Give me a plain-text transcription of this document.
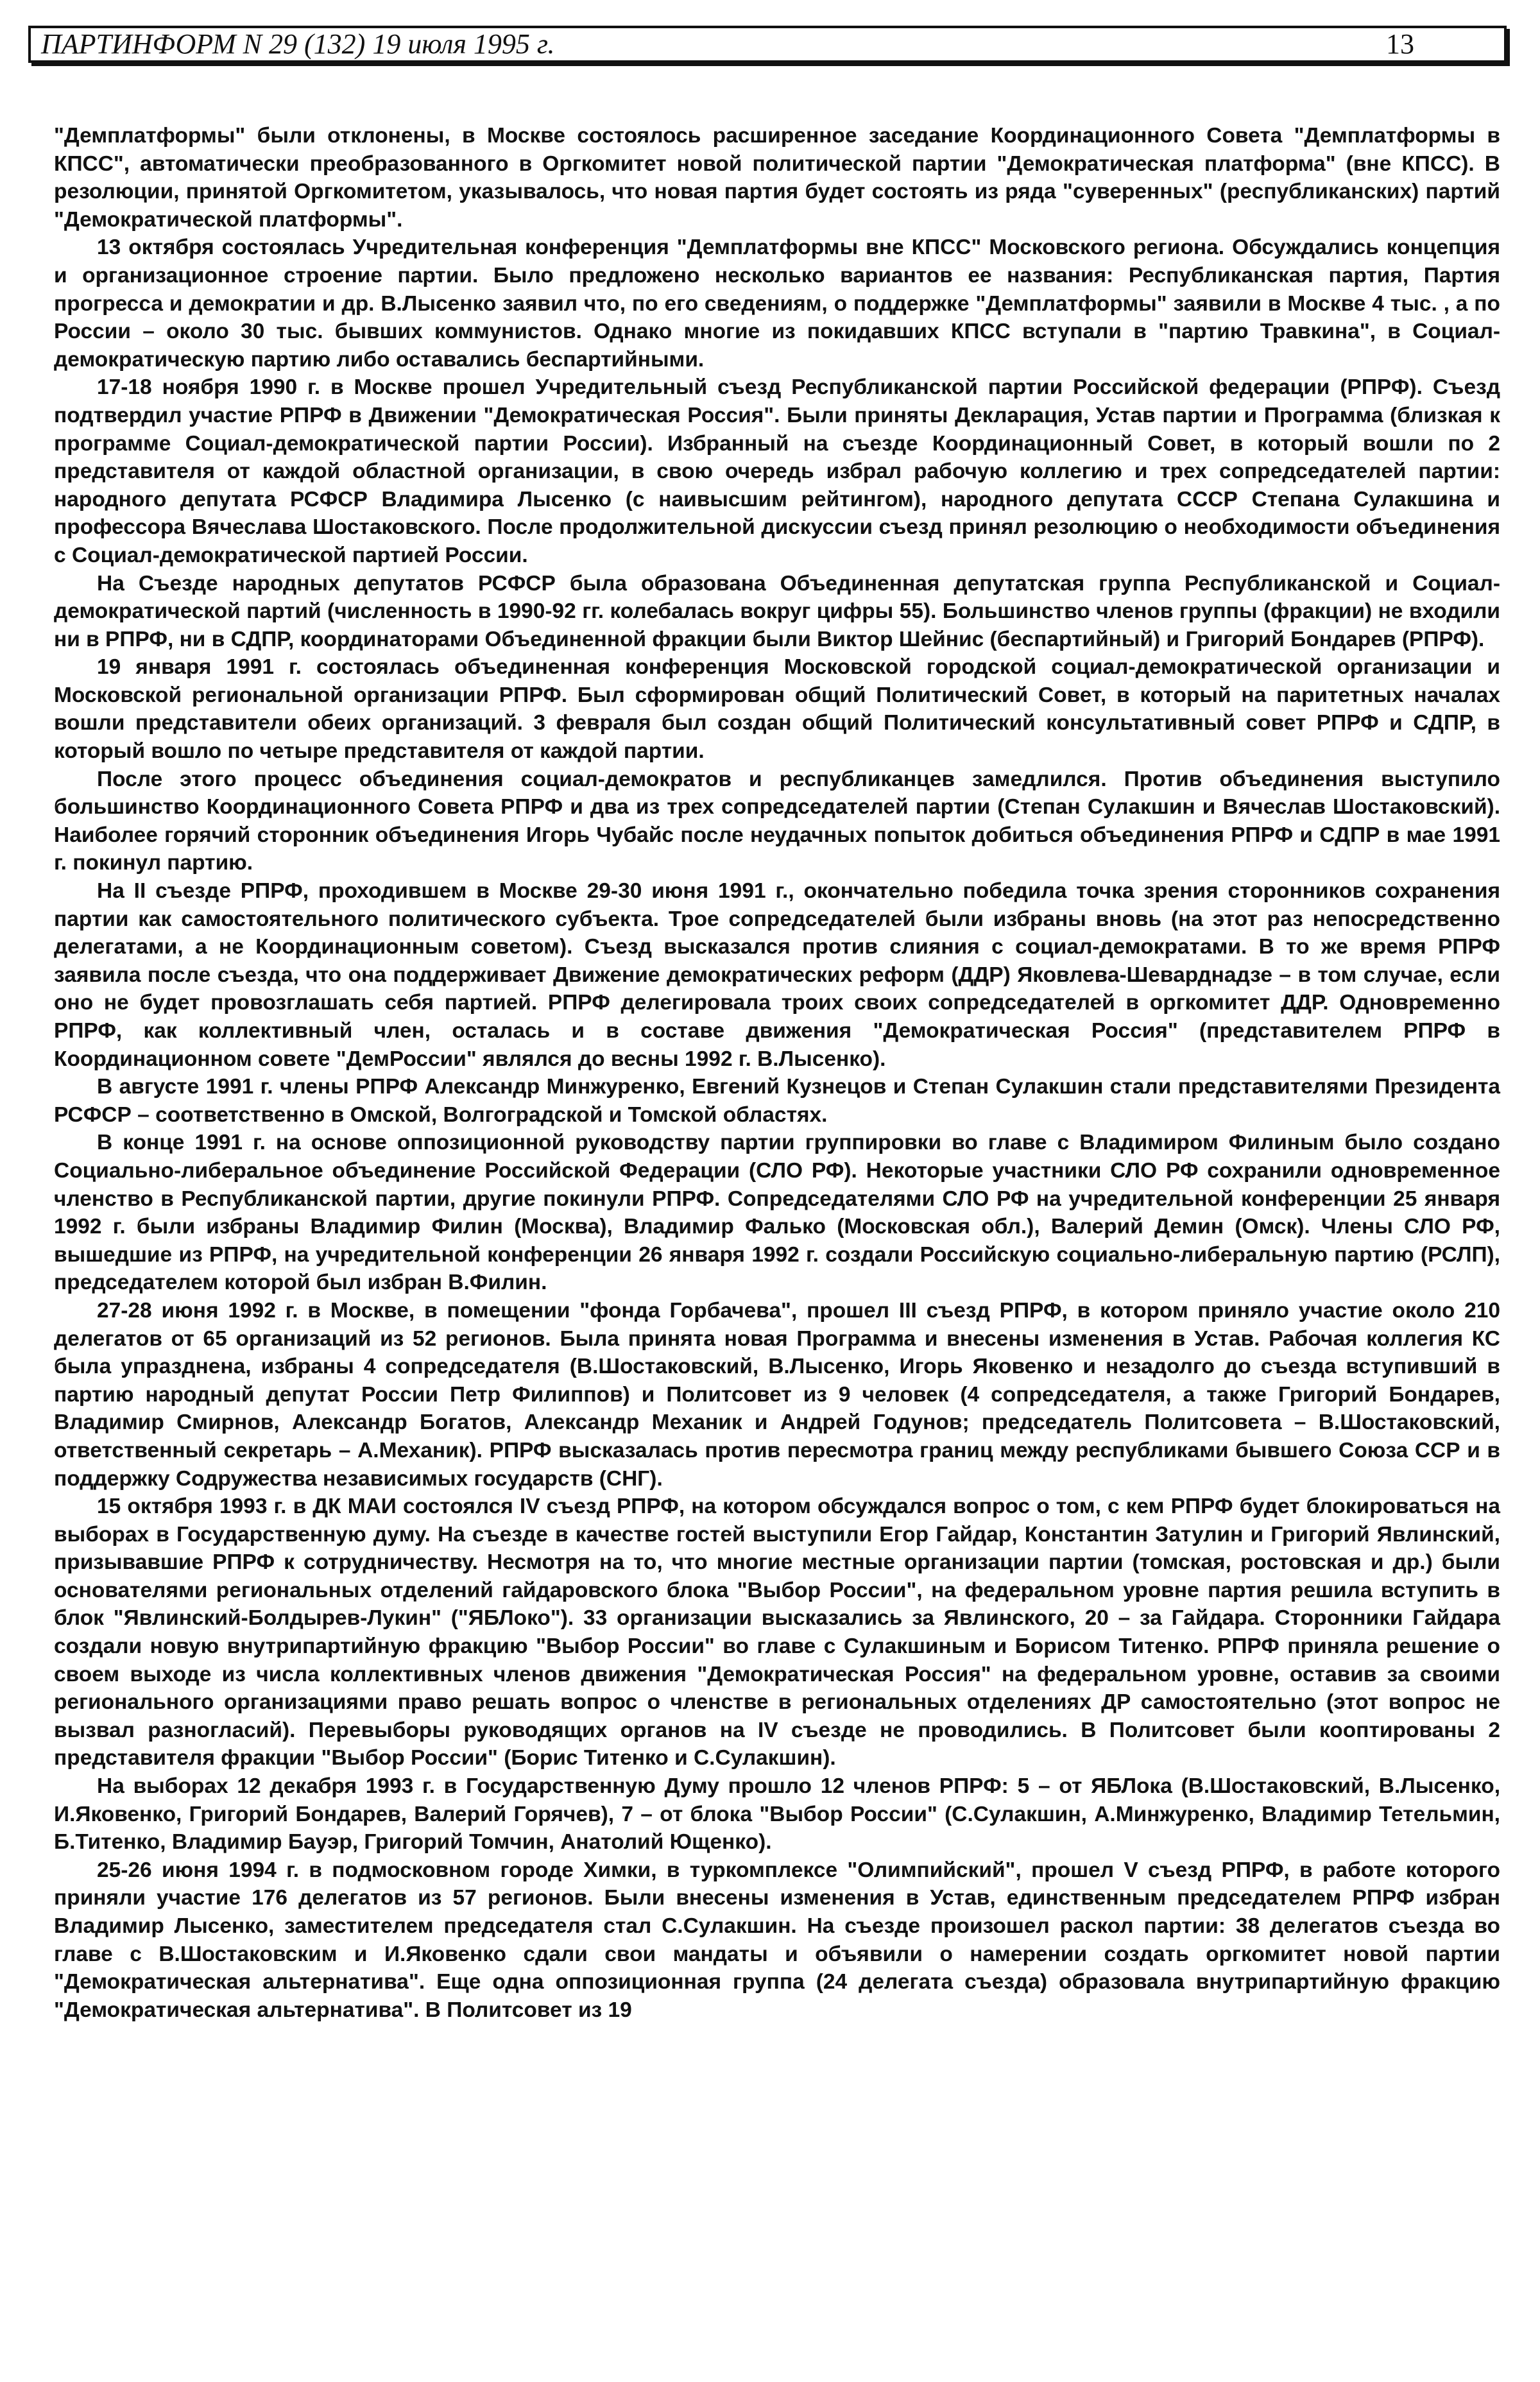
ПАРТИНФОРМ N 29 (132) 19 июля 1995 г.	13

"Демплатформы" были отклонены, в Москве состоялось расширенное заседание Координационного Совета "Демплатформы в КПСС", автоматически преобразованного в Оргкомитет новой политической партии "Демократическая платформа" (вне КПСС). В резолюции, принятой Оргкомитетом, указывалось, что новая партия будет состоять из ряда "суверенных" (республиканских) партий "Демократической платформы".

13 октября состоялась Учредительная конференция "Демплатформы вне КПСС" Московского региона. Обсуждались концепция и организационное строение партии. Было предложено несколько вариантов ее названия: Республиканская партия, Партия прогресса и демократии и др. В.Лысенко заявил что, по его сведениям, о поддержке "Демплатформы" заявили в Москве 4 тыс. , а по России – около 30 тыс. бывших коммунистов. Однако многие из покидавших КПСС вступали в "партию Травкина", в Социал-демократическую партию либо оставались беспартийными.

17-18 ноября 1990 г. в Москве прошел Учредительный съезд Республиканской партии Российской федерации (РПРФ). Съезд подтвердил участие РПРФ в Движении "Демократическая Россия". Были приняты Декларация, Устав партии и Программа (близкая к программе Социал-демократической партии России). Избранный на съезде Координационный Совет, в который вошли по 2 представителя от каждой областной организации, в свою очередь избрал рабочую коллегию и трех сопредседателей партии: народного депутата РСФСР Владимира Лысенко (с наивысшим рейтингом), народного депутата СССР Степана Сулакшина и профессора Вячеслава Шостаковского. После продолжительной дискуссии съезд принял резолюцию о необходимости объединения с Социал-демократической партией России.

На Съезде народных депутатов РСФСР была образована Объединенная депутатская группа Республиканской и Социал-демократической партий (численность в 1990-92 гг. колебалась вокруг цифры 55). Большинство членов группы (фракции) не входили ни в РПРФ, ни в СДПР, координаторами Объединенной фракции были Виктор Шейнис (беспартийный) и Григорий Бондарев (РПРФ).

19 января 1991 г. состоялась объединенная конференция Московской городской социал-демократической организации и Московской региональной организации РПРФ. Был сформирован общий Политический Совет, в который на паритетных началах вошли представители обеих организаций. 3 февраля был создан общий Политический консультативный совет РПРФ и СДПР, в который вошло по четыре представителя от каждой партии.

После этого процесс объединения социал-демократов и республиканцев замедлился. Против объединения выступило большинство Координационного Совета РПРФ и два из трех сопредседателей партии (Степан Сулакшин и Вячеслав Шостаковский). Наиболее горячий сторонник объединения Игорь Чубайс после неудачных попыток добиться объединения РПРФ и СДПР в мае 1991 г. покинул партию.

На II съезде РПРФ, проходившем в Москве 29-30 июня 1991 г., окончательно победила точка зрения сторонников сохранения партии как самостоятельного политического субъекта. Трое сопредседателей были избраны вновь (на этот раз непосредственно делегатами, а не Координационным советом). Съезд высказался против слияния с социал-демократами. В то же время РПРФ заявила после съезда, что она поддерживает Движение демократических реформ (ДДР) Яковлева-Шеварднадзе – в том случае, если оно не будет провозглашать себя партией. РПРФ делегировала троих своих сопредседателей в оргкомитет ДДР. Одновременно РПРФ, как коллективный член, осталась и в составе движения "Демократическая Россия" (представителем РПРФ в Координационном совете "ДемРоссии" являлся до весны 1992 г. В.Лысенко).

В августе 1991 г. члены РПРФ Александр Минжуренко, Евгений Кузнецов и Степан Сулакшин стали представителями Президента РСФСР – соответственно в Омской, Волгоградской и Томской областях.

В конце 1991 г. на основе оппозиционной руководству партии группировки во главе с Владимиром Филиным было создано Социально-либеральное объединение Российской Федерации (СЛО РФ). Некоторые участники СЛО РФ сохранили одновременное членство в Республиканской партии, другие покинули РПРФ. Сопредседателями СЛО РФ на учредительной конференции 25 января 1992 г. были избраны Владимир Филин (Москва), Владимир Фалько (Московская обл.), Валерий Демин (Омск). Члены СЛО РФ, вышедшие из РПРФ, на учредительной конференции 26 января 1992 г. создали Российскую социально-либеральную партию (РСЛП), председателем которой был избран В.Филин.

27-28 июня 1992 г. в Москве, в помещении "фонда Горбачева", прошел III съезд РПРФ, в котором приняло участие около 210 делегатов от 65 организаций из 52 регионов. Была принята новая Программа и внесены изменения в Устав. Рабочая коллегия КС была упразднена, избраны 4 сопредседателя (В.Шостаковский, В.Лысенко, Игорь Яковенко и незадолго до съезда вступивший в партию народный депутат России Петр Филиппов) и Политсовет из 9 человек (4 сопредседателя, а также Григорий Бондарев, Владимир Смирнов, Александр Богатов, Александр Механик и Андрей Годунов; председатель Политсовета – В.Шостаковский, ответственный секретарь – А.Механик). РПРФ высказалась против пересмотра границ между республиками бывшего Союза ССР и в поддержку Содружества независимых государств (СНГ).

15 октября 1993 г. в ДК МАИ состоялся IV съезд РПРФ, на котором обсуждался вопрос о том, с кем РПРФ будет блокироваться на выборах в Государственную думу. На съезде в качестве гостей выступили Егор Гайдар, Константин Затулин и Григорий Явлинский, призывавшие РПРФ к сотрудничеству. Несмотря на то, что многие местные организации партии (томская, ростовская и др.) были основателями региональных отделений гайдаровского блока "Выбор России", на федеральном уровне партия решила вступить в блок "Явлинский-Болдырев-Лукин" ("ЯБЛоко"). 33 организации высказались за Явлинского, 20 – за Гайдара. Сторонники Гайдара создали новую внутрипартийную фракцию "Выбор России" во главе с Сулакшиным и Борисом Титенко. РПРФ приняла решение о своем выходе из числа коллективных членов движения "Демократическая Россия" на федеральном уровне, оставив за своими регионального организациями право решать вопрос о членстве в региональных отделениях ДР самостоятельно (этот вопрос не вызвал разногласий). Перевыборы руководящих органов на IV съезде не проводились. В Политсовет были кооптированы 2 представителя фракции "Выбор России" (Борис Титенко и С.Сулакшин).

На выборах 12 декабря 1993 г. в Государственную Думу прошло 12 членов РПРФ: 5 – от ЯБЛока (В.Шостаковский, В.Лысенко, И.Яковенко, Григорий Бондарев, Валерий Горячев), 7 – от блока "Выбор России" (С.Сулакшин, А.Минжуренко, Владимир Тетельмин, Б.Титенко, Владимир Бауэр, Григорий Томчин, Анатолий Ющенко).

25-26 июня 1994 г. в подмосковном городе Химки, в туркомплексе "Олимпийский", прошел V съезд РПРФ, в работе которого приняли участие 176 делегатов из 57 регионов. Были внесены изменения в Устав, единственным председателем РПРФ избран Владимир Лысенко, заместителем председателя стал С.Сулакшин. На съезде произошел раскол партии: 38 делегатов съезда во главе с В.Шостаковским и И.Яковенко сдали свои мандаты и объявили о намерении создать оргкомитет новой партии "Демократическая альтернатива". Еще одна оппозиционная группа (24 делегата съезда) образовала внутрипартийную фракцию "Демократическая альтернатива". В Политсовет из 19
